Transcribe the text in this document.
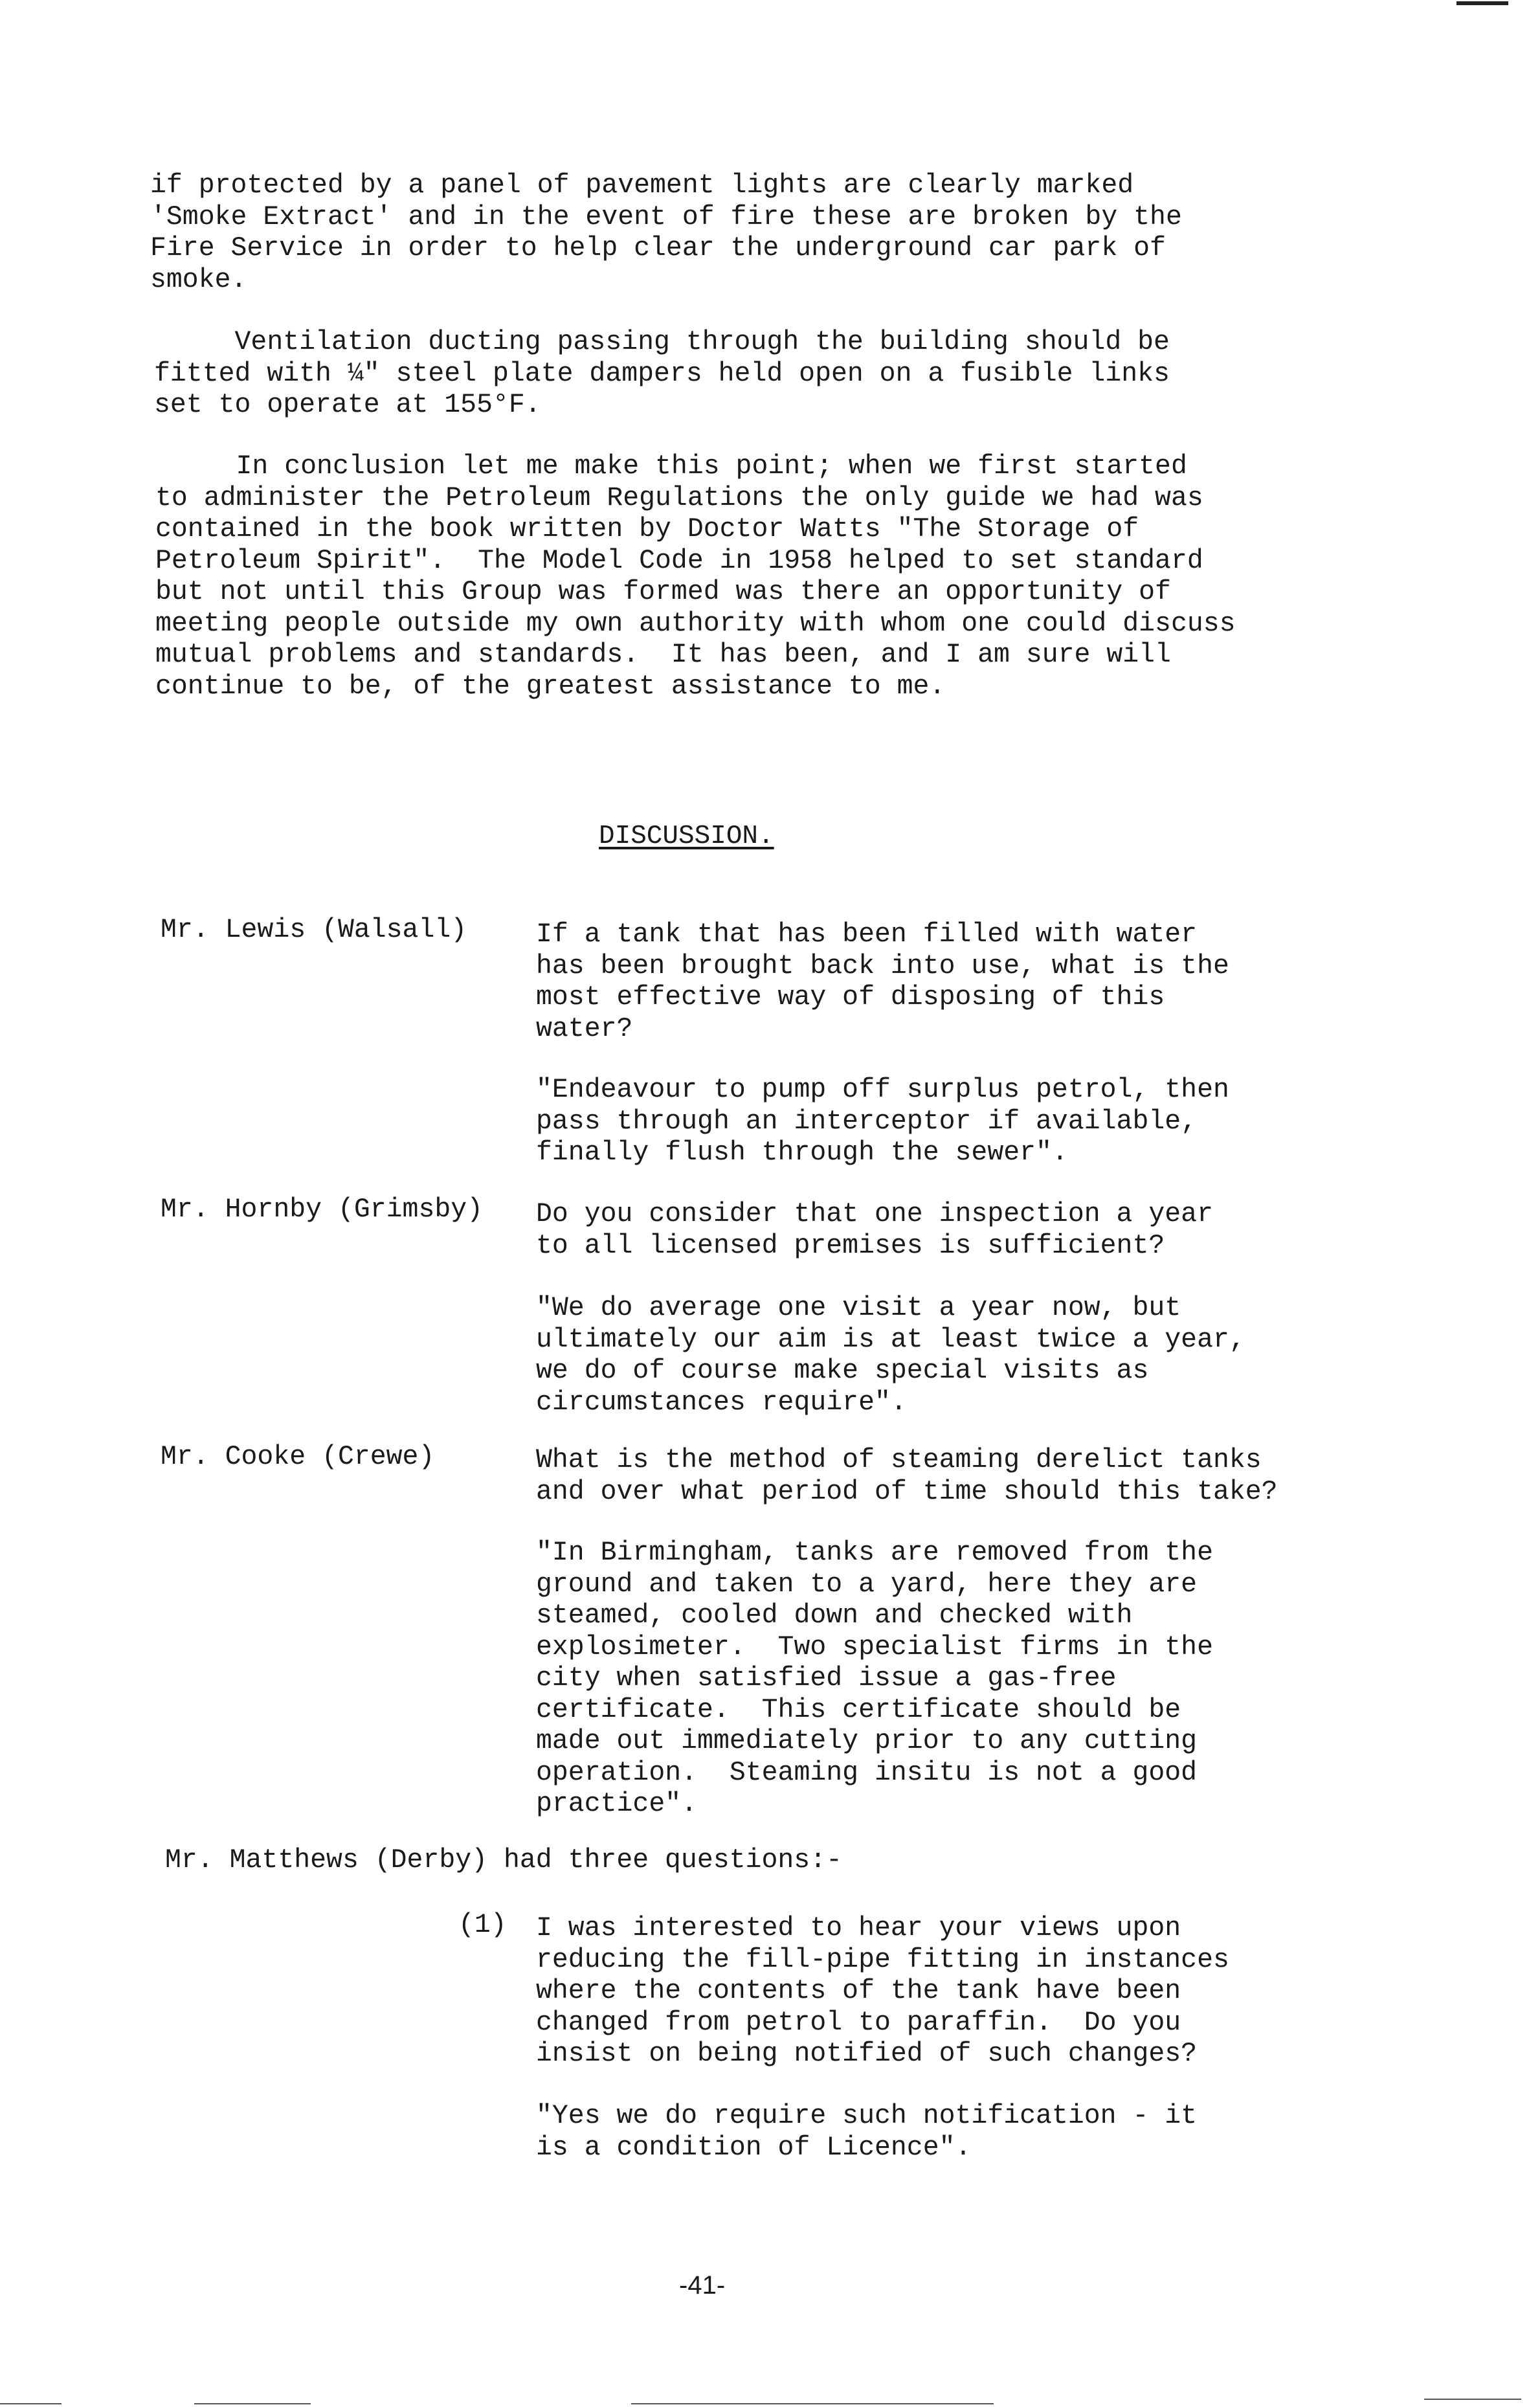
if protected by a panel of pavement lights are clearly marked
'Smoke Extract' and in the event of fire these are broken by the
Fire Service in order to help clear the underground car park of
smoke.

Ventilation ducting passing through the building should be
fitted with ¼" steel plate dampers held open on a fusible links
set to operate at 155°F.

In conclusion let me make this point; when we first started
to administer the Petroleum Regulations the only guide we had was
contained in the book written by Doctor Watts "The Storage of
Petroleum Spirit".  The Model Code in 1958 helped to set standard
but not until this Group was formed was there an opportunity of
meeting people outside my own authority with whom one could discuss
mutual problems and standards.  It has been, and I am sure will
continue to be, of the greatest assistance to me.

DISCUSSION.
Mr. Lewis (Walsall)	If a tank that has been filled with water
has been brought back into use, what is the
most effective way of disposing of this
water?

"Endeavour to pump off surplus petrol, then
pass through an interceptor if available,
finally flush through the sewer".

Mr. Hornby (Grimsby) Do you consider that one inspection a year
to all licensed premises is sufficient?

"We do average one visit a year now, but
ultimately our aim is at least twice a year,
we do of course make special visits as
circumstances require".

Mr. Cooke (Crewe)	What is the method of steaming derelict tanks
and over what period of time should this take?

"In Birmingham, tanks are removed from the
ground and taken to a yard, here they are
steamed, cooled down and checked with
explosimeter.  Two specialist firms in the
city when satisfied issue a gas-free
certificate.  This certificate should be
made out immediately prior to any cutting
operation.  Steaming insitu is not a good
practice".

Mr. Matthews (Derby) had three questions:-
(1) I was interested to hear your views upon
reducing the fill-pipe fitting in instances
where the contents of the tank have been
changed from petrol to paraffin.  Do you
insist on being notified of such changes?

"Yes we do require such notification - it
is a condition of Licence".

-41-
